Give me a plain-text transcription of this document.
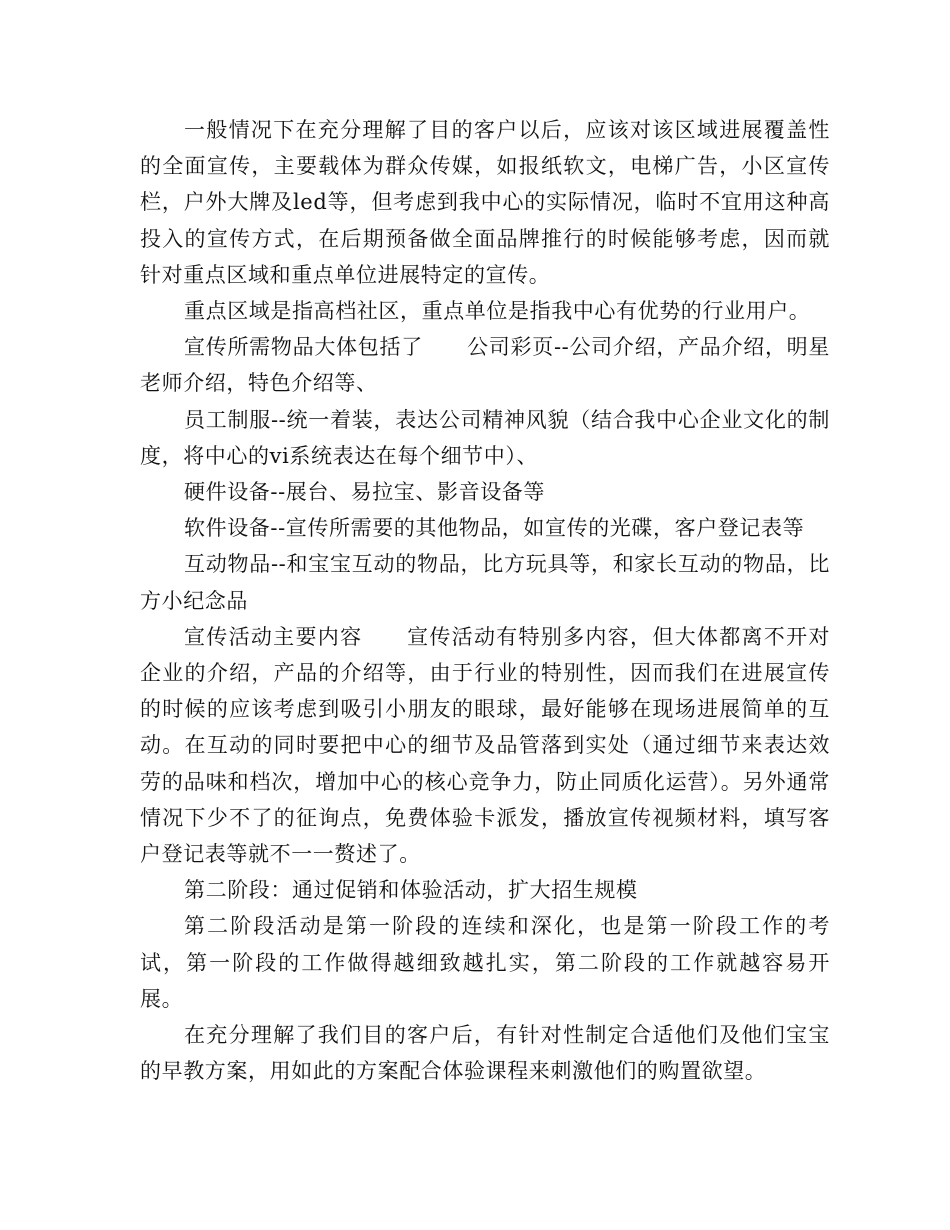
一般情况下在充分理解了目的客户以后，应该对该区域进展覆盖性的全面宣传，主要载体为群众传媒，如报纸软文，电梯广告，小区宣传栏，户外大牌及led等，但考虑到我中心的实际情况，临时不宜用这种高投入的宣传方式，在后期预备做全面品牌推行的时候能够考虑，因而就针对重点区域和重点单位进展特定的宣传。

重点区域是指高档社区，重点单位是指我中心有优势的行业用户。

宣传所需物品大体包括了 公司彩页--公司介绍，产品介绍，明星老师介绍，特色介绍等、

员工制服--统一着装，表达公司精神风貌（结合我中心企业文化的制度，将中心的vi系统表达在每个细节中）、

硬件设备--展台、易拉宝、影音设备等

软件设备--宣传所需要的其他物品，如宣传的光碟，客户登记表等

互动物品--和宝宝互动的物品，比方玩具等，和家长互动的物品，比方小纪念品

宣传活动主要内容 宣传活动有特别多内容，但大体都离不开对企业的介绍，产品的介绍等，由于行业的特别性，因而我们在进展宣传的时候的应该考虑到吸引小朋友的眼球，最好能够在现场进展简单的互动。在互动的同时要把中心的细节及品管落到实处（通过细节来表达效劳的品味和档次，增加中心的核心竞争力，防止同质化运营）。另外通常情况下少不了的征询点，免费体验卡派发，播放宣传视频材料，填写客户登记表等就不一一赘述了。

第二阶段：通过促销和体验活动，扩大招生规模

第二阶段活动是第一阶段的连续和深化，也是第一阶段工作的考试，第一阶段的工作做得越细致越扎实，第二阶段的工作就越容易开展。

在充分理解了我们目的客户后，有针对性制定合适他们及他们宝宝的早教方案，用如此的方案配合体验课程来刺激他们的购置欲望。
